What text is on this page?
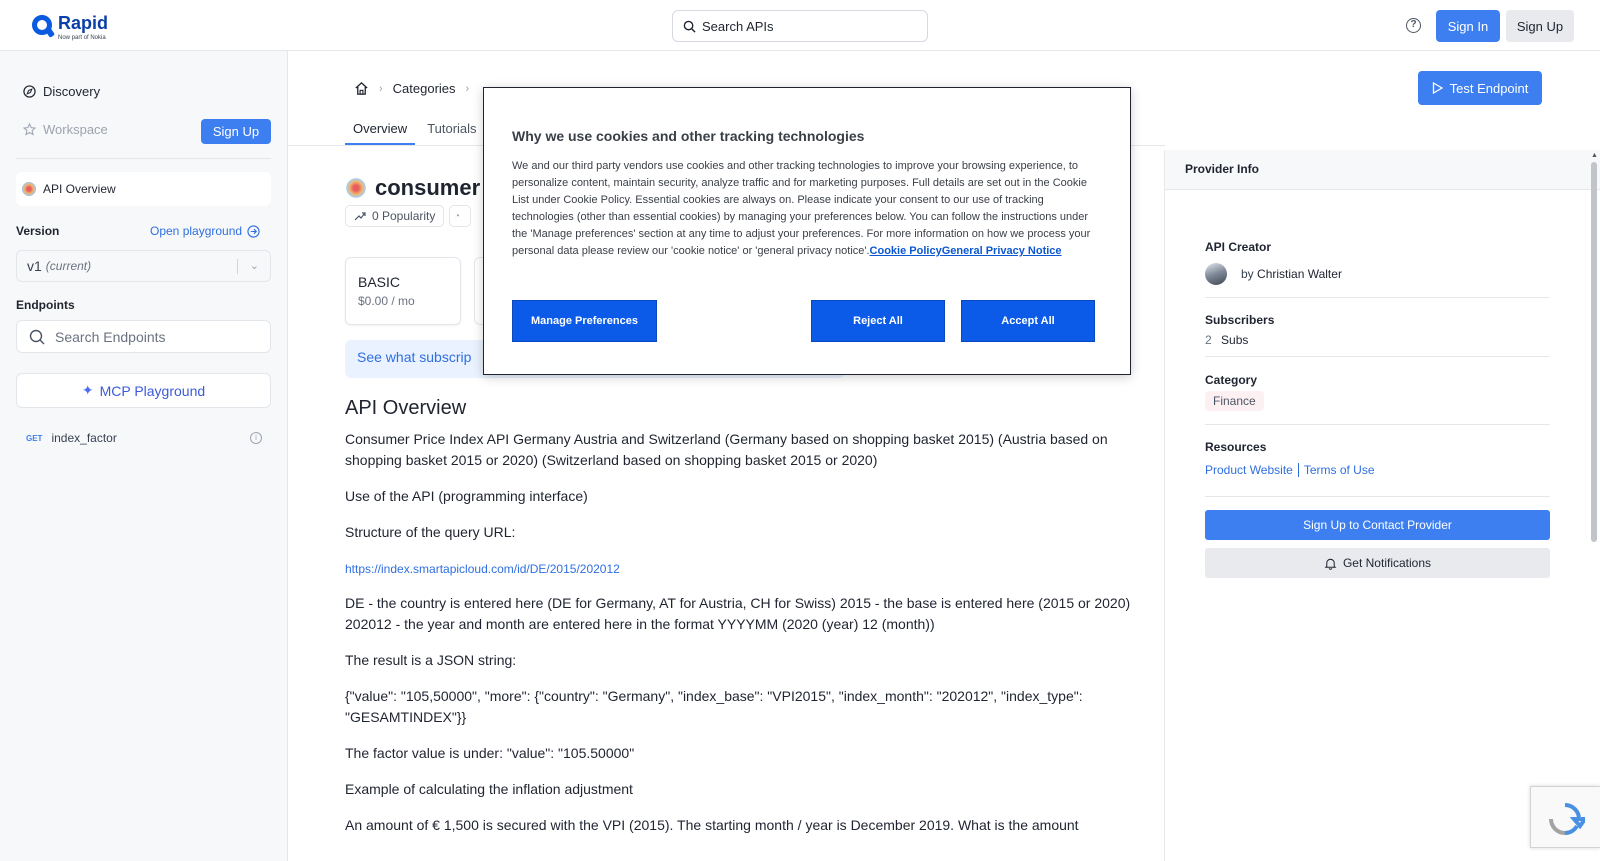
Rapid
Now part of Nokia
Search APIs	?	Sign In	Sign Up
Discovery
Workspace	Sign Up
API Overview
Version	Open playground
v1 (current)	⌄
Endpoints
Search Endpoints
✦ MCP Playground
GET index_factor	i
› Categories ›
Overview	Tutorials
consumer
0 Popularity ◔
BASIC
$0.00 / mo
See what subscrip
API Overview

Consumer Price Index API Germany Austria and Switzerland (Germany based on shopping basket 2015) (Austria based on shopping basket 2015 or 2020) (Switzerland based on shopping basket 2015 or 2020)

Use of the API (programming interface)

Structure of the query URL:

https://index.smartapicloud.com/id/DE/2015/202012

DE - the country is entered here (DE for Germany, AT for Austria, CH for Swiss) 2015 - the base is entered here (2015 or 2020) 202012 - the year and month are entered here in the format YYYYMM (2020 (year) 12 (month))

The result is a JSON string:

{"value": "105,50000", "more": {"country": "Germany", "index_base": "VPI2015", "index_month": "202012", "index_type": "GESAMTINDEX"}}

The factor value is under: "value": "105.50000"

Example of calculating the inflation adjustment

An amount of € 1,500 is secured with the VPI (2015). The starting month / year is December 2019. What is the amount

Test Endpoint
Provider Info
API Creator
by Christian Walter
Subscribers
2 Subs
Category
Finance
Resources
Product Website Terms of Use
Sign Up to Contact Provider
Get Notifications
▲
Why we use cookies and other tracking technologies
We and our third party vendors use cookies and other tracking technologies to improve your browsing experience, to personalize content, maintain security, analyze traffic and for marketing purposes. Full details are set out in the Cookie List under Cookie Policy. Essential cookies are always on. Please indicate your consent to our use of tracking technologies (other than essential cookies) by managing your preferences below. You can follow the instructions under the 'Manage preferences' section at any time to adjust your preferences. For more information on how we process your personal data please review our 'cookie notice' or 'general privacy notice'.Cookie PolicyGeneral Privacy Notice
Manage Preferences	Reject All	Accept All
